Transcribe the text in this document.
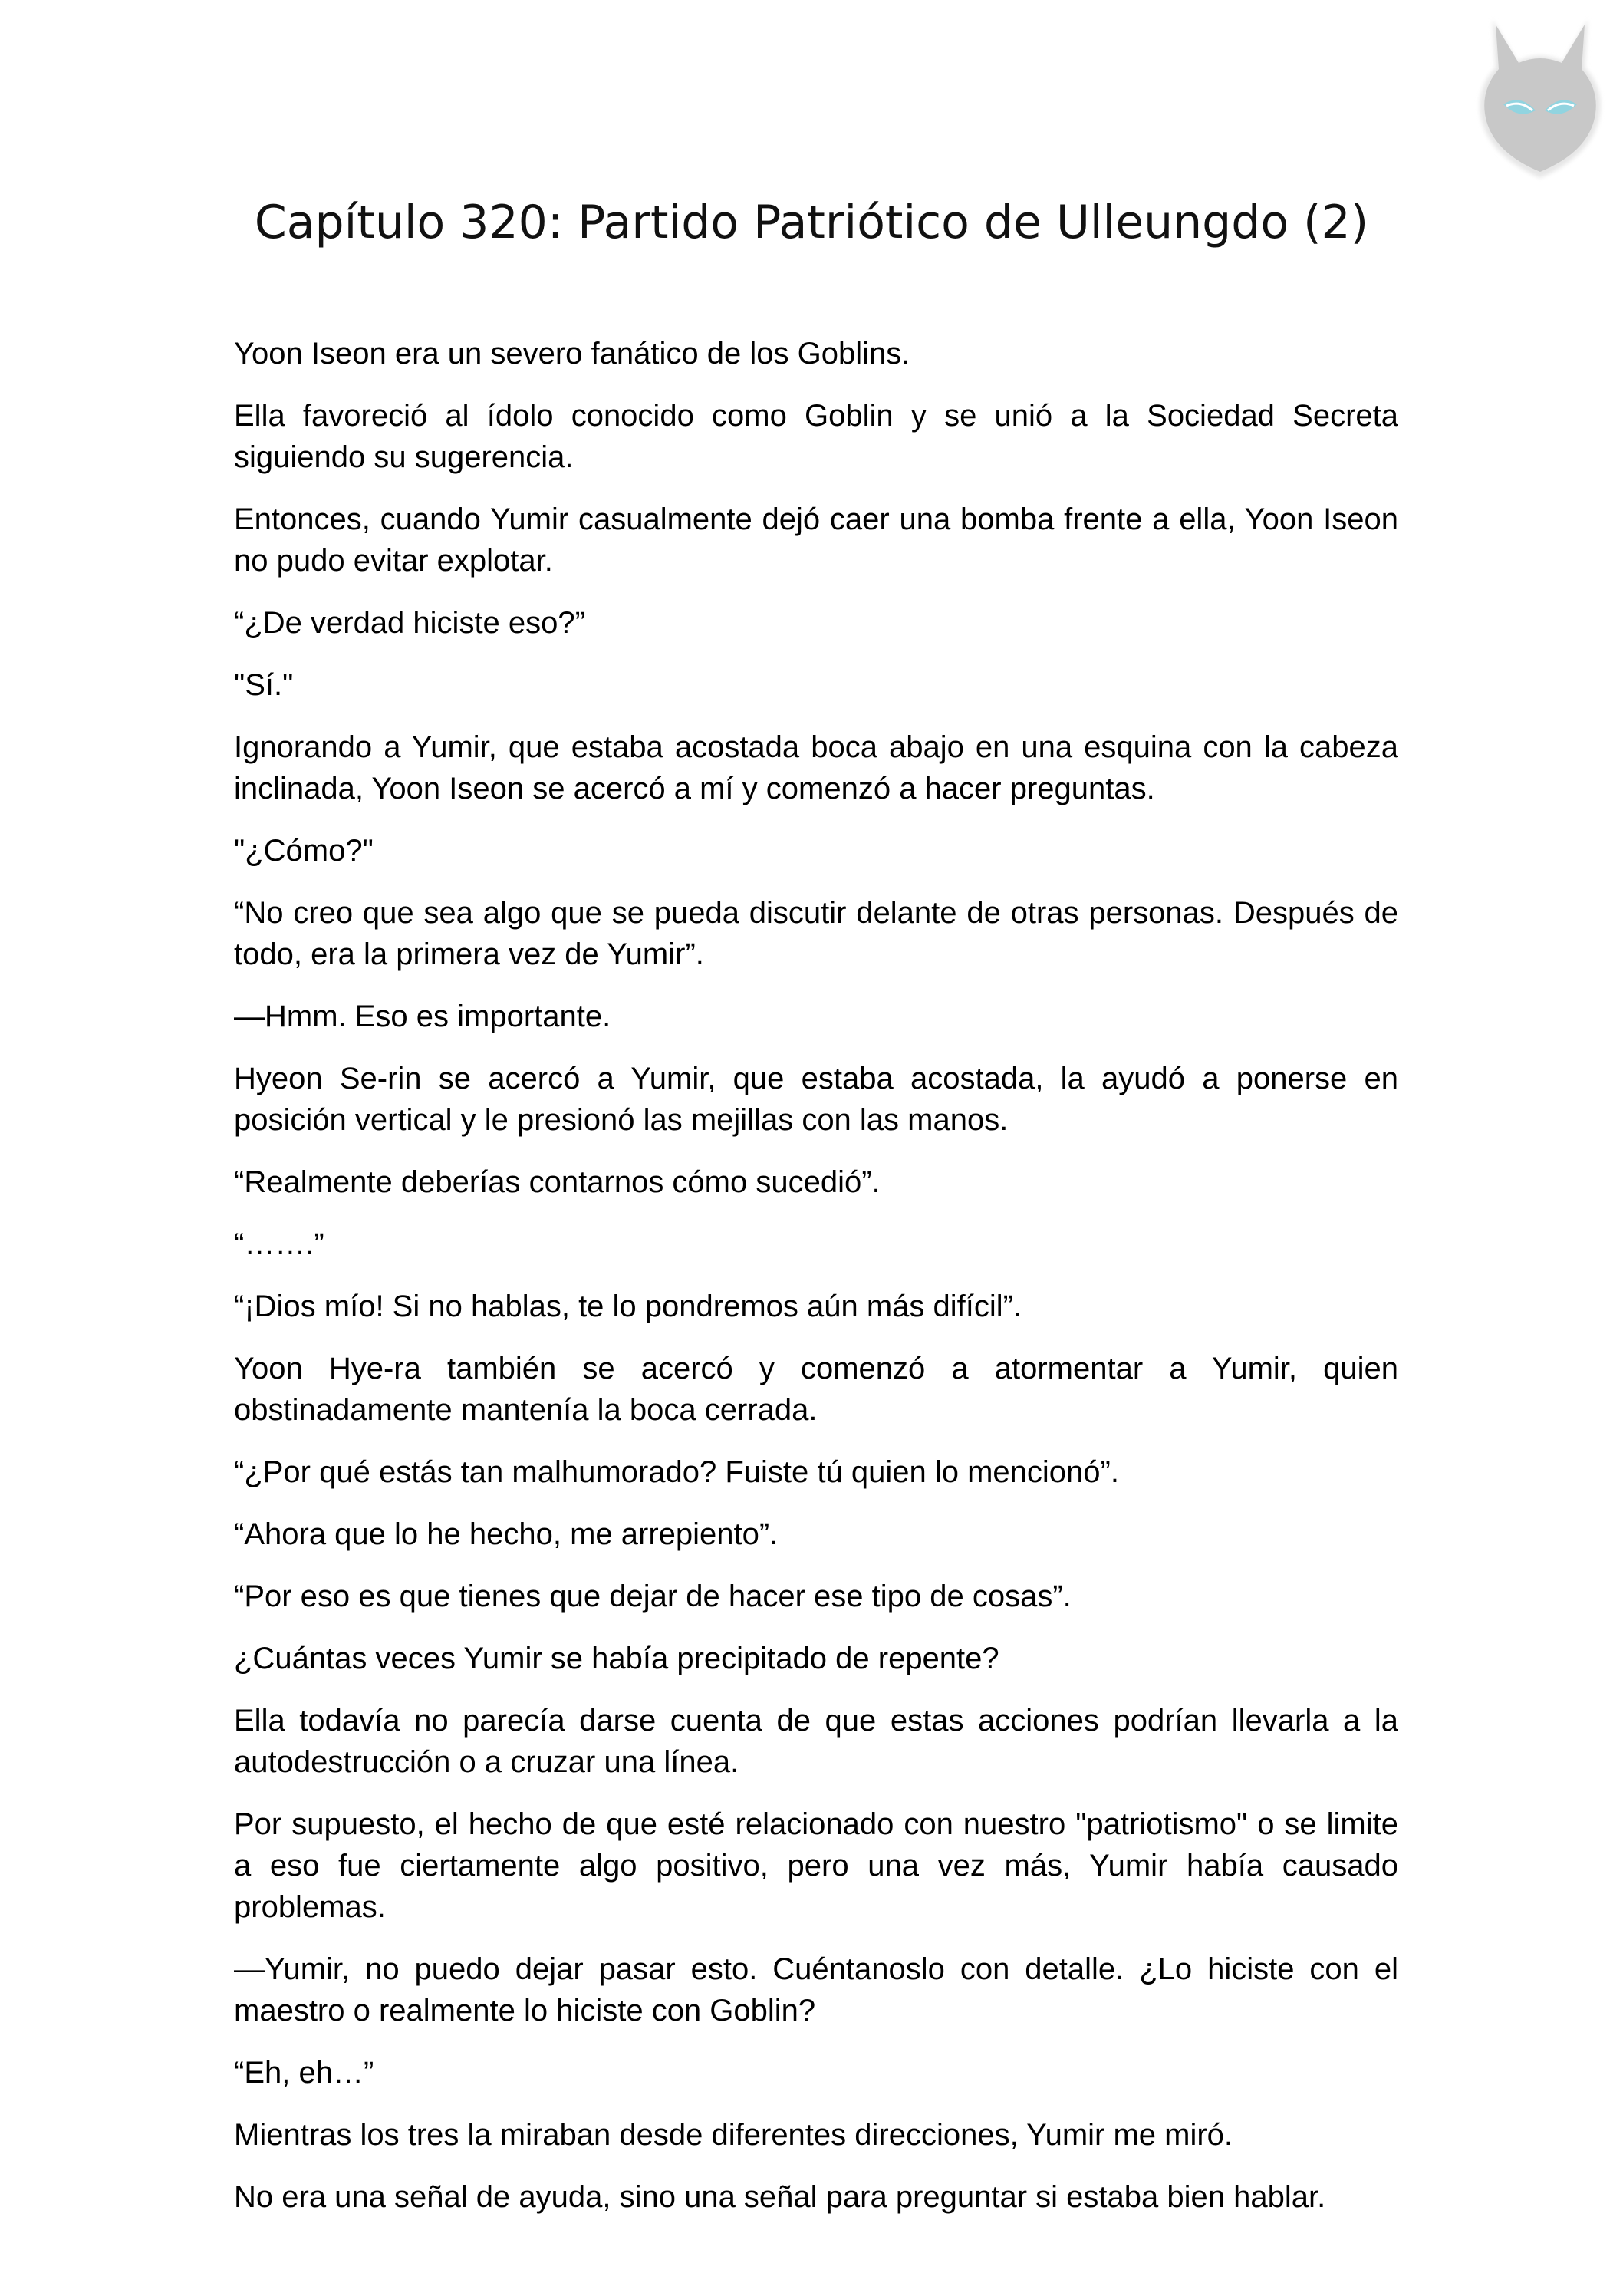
Capítulo 320: Partido Patriótico de Ulleungdo (2)

Yoon Iseon era un severo fanático de los Goblins.

Ella favoreció al ídolo conocido como Goblin y se unió a la Sociedad Secreta siguiendo su sugerencia.

Entonces, cuando Yumir casualmente dejó caer una bomba frente a ella, Yoon Iseon no pudo evitar explotar.

“¿De verdad hiciste eso?”

"Sí."

Ignorando a Yumir, que estaba acostada boca abajo en una esquina con la cabeza inclinada, Yoon Iseon se acercó a mí y comenzó a hacer preguntas.

"¿Cómo?"

“No creo que sea algo que se pueda discutir delante de otras personas. Después de todo, era la primera vez de Yumir”.

—Hmm. Eso es importante.

Hyeon Se-rin se acercó a Yumir, que estaba acostada, la ayudó a ponerse en posición vertical y le presionó las mejillas con las manos.

“Realmente deberías contarnos cómo sucedió”.

“…….”

“¡Dios mío! Si no hablas, te lo pondremos aún más difícil”.

Yoon Hye-ra también se acercó y comenzó a atormentar a Yumir, quien obstinadamente mantenía la boca cerrada.

“¿Por qué estás tan malhumorado? Fuiste tú quien lo mencionó”.

“Ahora que lo he hecho, me arrepiento”.

“Por eso es que tienes que dejar de hacer ese tipo de cosas”.

¿Cuántas veces Yumir se había precipitado de repente?

Ella todavía no parecía darse cuenta de que estas acciones podrían llevarla a la autodestrucción o a cruzar una línea.

Por supuesto, el hecho de que esté relacionado con nuestro "patriotismo" o se limite a eso fue ciertamente algo positivo, pero una vez más, Yumir había causado problemas.

—Yumir, no puedo dejar pasar esto. Cuéntanoslo con detalle. ¿Lo hiciste con el maestro o realmente lo hiciste con Goblin?

“Eh, eh…”

Mientras los tres la miraban desde diferentes direcciones, Yumir me miró.

No era una señal de ayuda, sino una señal para preguntar si estaba bien hablar.
